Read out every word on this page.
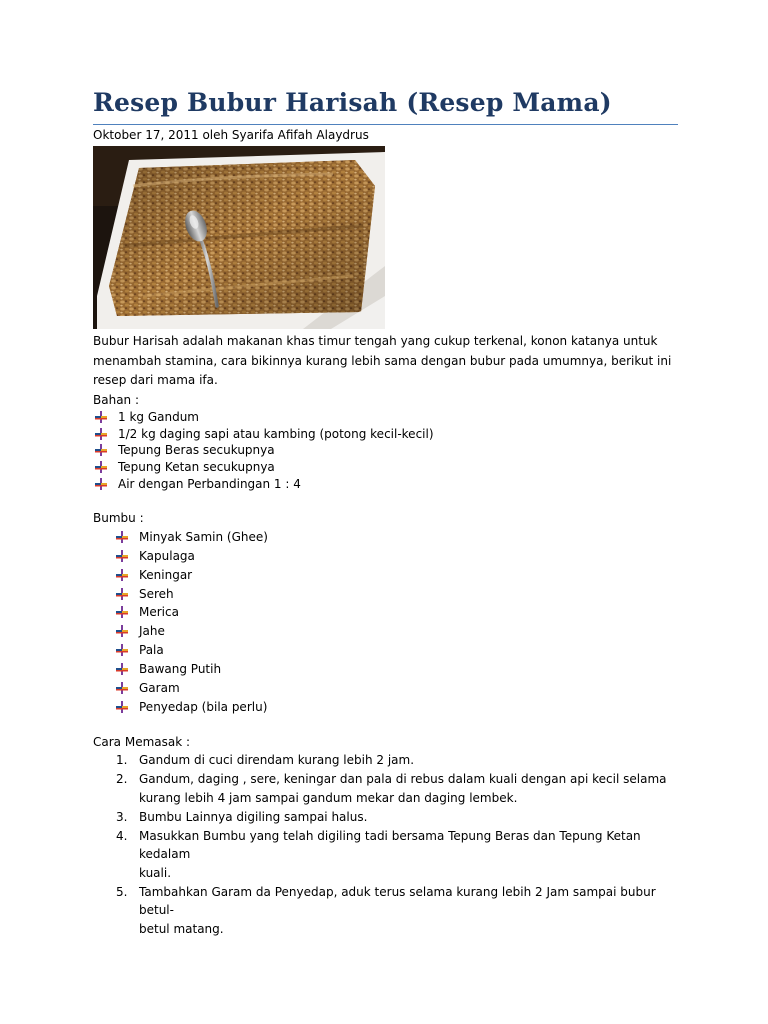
Resep Bubur Harisah (Resep Mama)
Oktober 17, 2011 oleh Syarifa Afifah Alaydrus
Bubur Harisah adalah makanan khas timur tengah yang cukup terkenal, konon katanya untuk
menambah stamina, cara bikinnya kurang lebih sama dengan bubur pada umumnya, berikut ini
resep dari mama ifa.
Bahan :
1 kg Gandum
1/2 kg daging sapi atau kambing (potong kecil-kecil)
Tepung Beras secukupnya
Tepung Ketan secukupnya
Air dengan Perbandingan 1 : 4
Bumbu :
Minyak Samin (Ghee)
Kapulaga
Keningar
Sereh
Merica
Jahe
Pala
Bawang Putih
Garam
Penyedap (bila perlu)
Cara Memasak :
1. Gandum di cuci direndam kurang lebih 2 jam.
2. Gandum, daging , sere, keningar dan pala di rebus dalam kuali dengan api kecil selama
kurang lebih 4 jam sampai gandum mekar dan daging lembek.
3. Bumbu Lainnya digiling sampai halus.
4. Masukkan Bumbu yang telah digiling tadi bersama Tepung Beras dan Tepung Ketan kedalam
kuali.
5. Tambahkan Garam da Penyedap, aduk terus selama kurang lebih 2 Jam sampai bubur betul-
betul matang.
